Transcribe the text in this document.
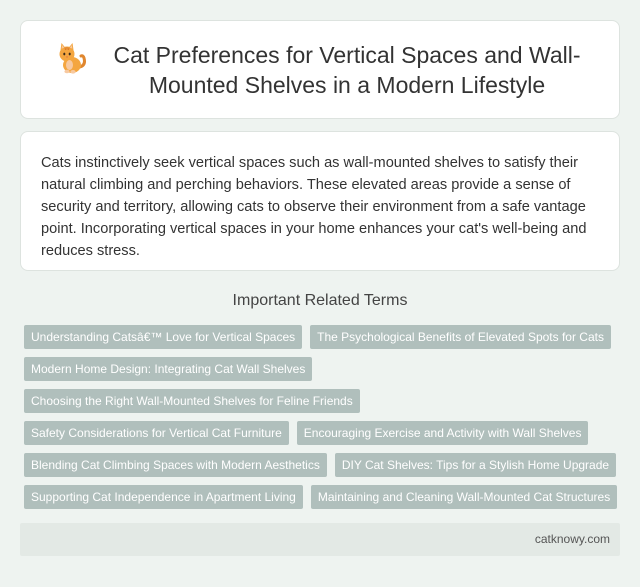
Cat Preferences for Vertical Spaces and Wall-Mounted Shelves in a Modern Lifestyle

Cats instinctively seek vertical spaces such as wall-mounted shelves to satisfy their natural climbing and perching behaviors. These elevated areas provide a sense of security and territory, allowing cats to observe their environment from a safe vantage point. Incorporating vertical spaces in your home enhances your cat's well-being and reduces stress.

Important Related Terms
Understanding Catsâ€™ Love for Vertical Spaces	The Psychological Benefits of Elevated Spots for Cats
Modern Home Design: Integrating Cat Wall Shelves
Choosing the Right Wall-Mounted Shelves for Feline Friends
Safety Considerations for Vertical Cat Furniture	Encouraging Exercise and Activity with Wall Shelves
Blending Cat Climbing Spaces with Modern Aesthetics	DIY Cat Shelves: Tips for a Stylish Home Upgrade
Supporting Cat Independence in Apartment Living	Maintaining and Cleaning Wall-Mounted Cat Structures
catknowy.com
